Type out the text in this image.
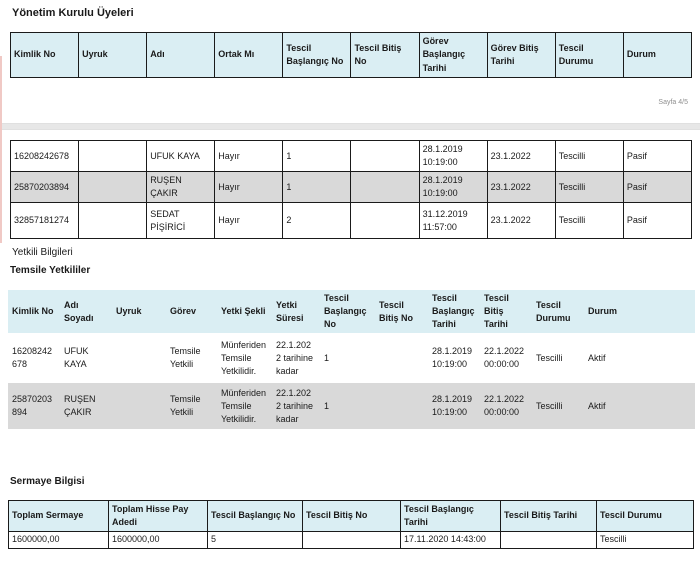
Yönetim Kurulu Üyeleri
Kimlik No	Uyruk	Adı	Ortak Mı	Tescil Başlangıç No	Tescil Bitiş No	Görev Başlangıç Tarihi	Görev Bitiş Tarihi	Tescil Durumu	Durum
Sayfa 4/5
16208242678		UFUK KAYA	Hayır	1		28.1.2019 10:19:00	23.1.2022	Tescilli	Pasif
25870203894		RUŞEN ÇAKIR	Hayır	1		28.1.2019 10:19:00	23.1.2022	Tescilli	Pasif
32857181274		SEDAT PİŞİRİCİ	Hayır	2		31.12.2019 11:57:00	23.1.2022	Tescilli	Pasif
Yetkili Bilgileri
Temsile Yetkililer
Kimlik No	Adı Soyadı	Uyruk	Görev	Yetki Şekli	Yetki Süresi	Tescil Başlangıç No	Tescil Bitiş No	Tescil Başlangıç Tarihi	Tescil Bitiş Tarihi	Tescil Durumu	Durum
16208242678	UFUK KAYA		Temsile Yetkili	Münferiden Temsile Yetkilidir.	22.1.2022 tarihine kadar	1		28.1.2019 10:19:00	22.1.2022 00:00:00	Tescilli	Aktif
25870203894	RUŞEN ÇAKIR		Temsile Yetkili	Münferiden Temsile Yetkilidir.	22.1.2022 tarihine kadar	1		28.1.2019 10:19:00	22.1.2022 00:00:00	Tescilli	Aktif
Sermaye Bilgisi
Toplam Sermaye	Toplam Hisse Pay Adedi	Tescil Başlangıç No	Tescil Bitiş No	Tescil Başlangıç Tarihi	Tescil Bitiş Tarihi	Tescil Durumu
1600000,00	1600000,00	5		17.11.2020 14:43:00		Tescilli
